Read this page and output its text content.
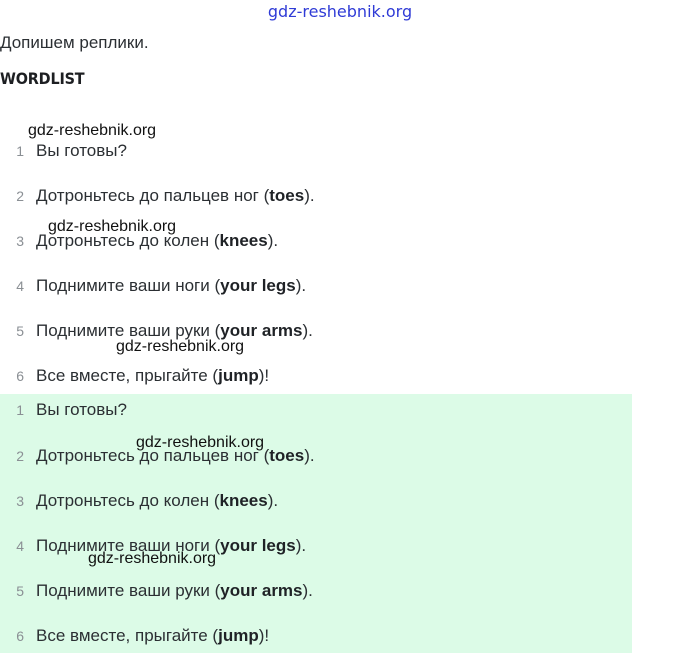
gdz-reshebnik.org
Допишем реплики.
WORDLIST
1 Вы готовы?
2 Дотроньтесь до пальцев ног (toes).
3 Дотроньтесь до колен (knees).
4 Поднимите ваши ноги (your legs).
5 Поднимите ваши руки (your arms).
6 Все вместе, прыгайте (jump)!
1 Вы готовы?
2 Дотроньтесь до пальцев ног (toes).
3 Дотроньтесь до колен (knees).
4 Поднимите ваши ноги (your legs).
5 Поднимите ваши руки (your arms).
6 Все вместе, прыгайте (jump)!
gdz-reshebnik.org
gdz-reshebnik.org
gdz-reshebnik.org
gdz-reshebnik.org
gdz-reshebnik.org
